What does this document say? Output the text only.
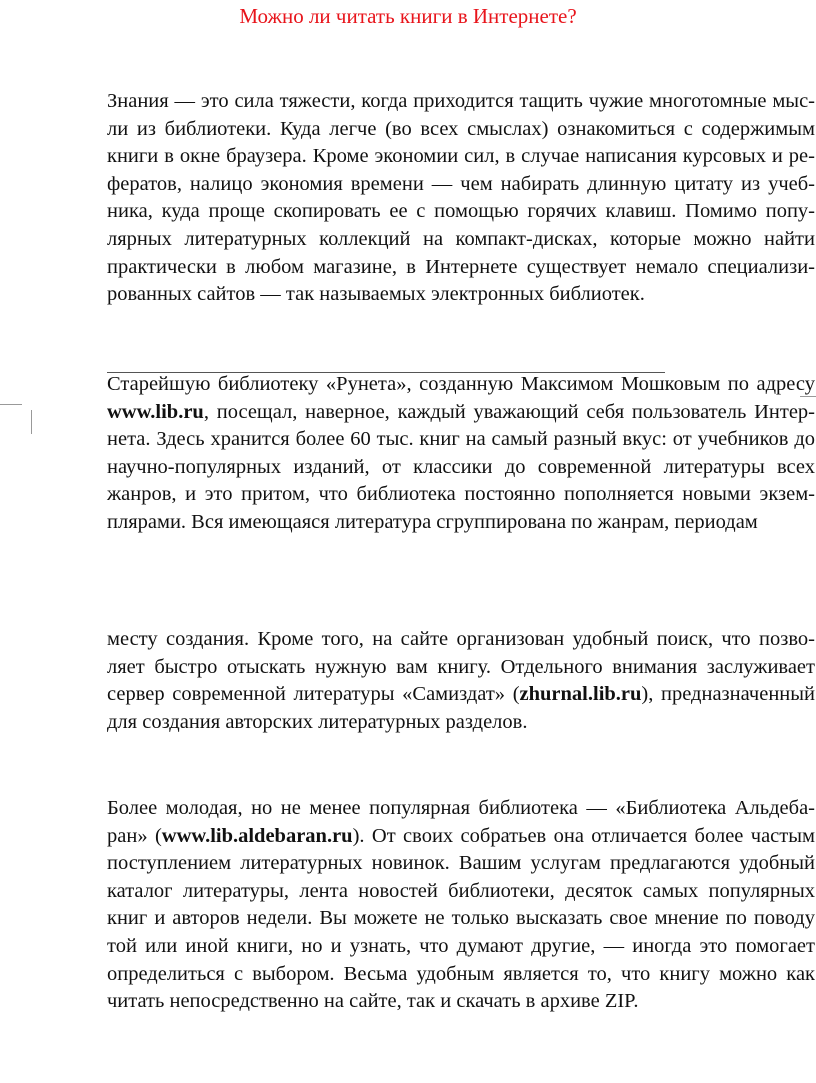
Можно ли читать книги в Интернете?

Знания — это сила тяжести, когда приходится тащить чужие многотомные мыс-ли из библиотеки. Куда легче (во всех смыслах) ознакомиться с содержимым книги в окне браузера. Кроме экономии сил, в случае написания курсовых и ре-фератов, налицо экономия времени — чем набирать длинную цитату из учеб-ника, куда проще скопировать ее с помощью горячих клавиш. Помимо попу-лярных литературных коллекций на компакт-дисках, которые можно найти практически в любом магазине, в Интернете существует немало специализи-рованных сайтов — так называемых электронных библиотек.

Старейшую библиотеку «Рунета», созданную Максимом Мошковым по адресу www.lib.ru, посещал, наверное, каждый уважающий себя пользователь Интер-нета. Здесь хранится более 60 тыс. книг на самый разный вкус: от учебников до научно-популярных изданий, от классики до современной литературы всех жанров, и это притом, что библиотека постоянно пополняется новыми экзем-плярами. Вся имеющаяся литература сгруппирована по жанрам, периодам

месту создания. Кроме того, на сайте организован удобный поиск, что позво-ляет быстро отыскать нужную вам книгу. Отдельного внимания заслуживает сервер современной литературы «Самиздат» (zhurnal.lib.ru), предназначенный для создания авторских литературных разделов.

Более молодая, но не менее популярная библиотека — «Библиотека Альдеба-ран» (www.lib.aldebaran.ru). От своих собратьев она отличается более частым поступлением литературных новинок. Вашим услугам предлагаются удобный каталог литературы, лента новостей библиотеки, десяток самых популярных книг и авторов недели. Вы можете не только высказать свое мнение по поводу той или иной книги, но и узнать, что думают другие, — иногда это помогает определиться с выбором. Весьма удобным является то, что книгу можно как читать непосредственно на сайте, так и скачать в архиве ZIP.
